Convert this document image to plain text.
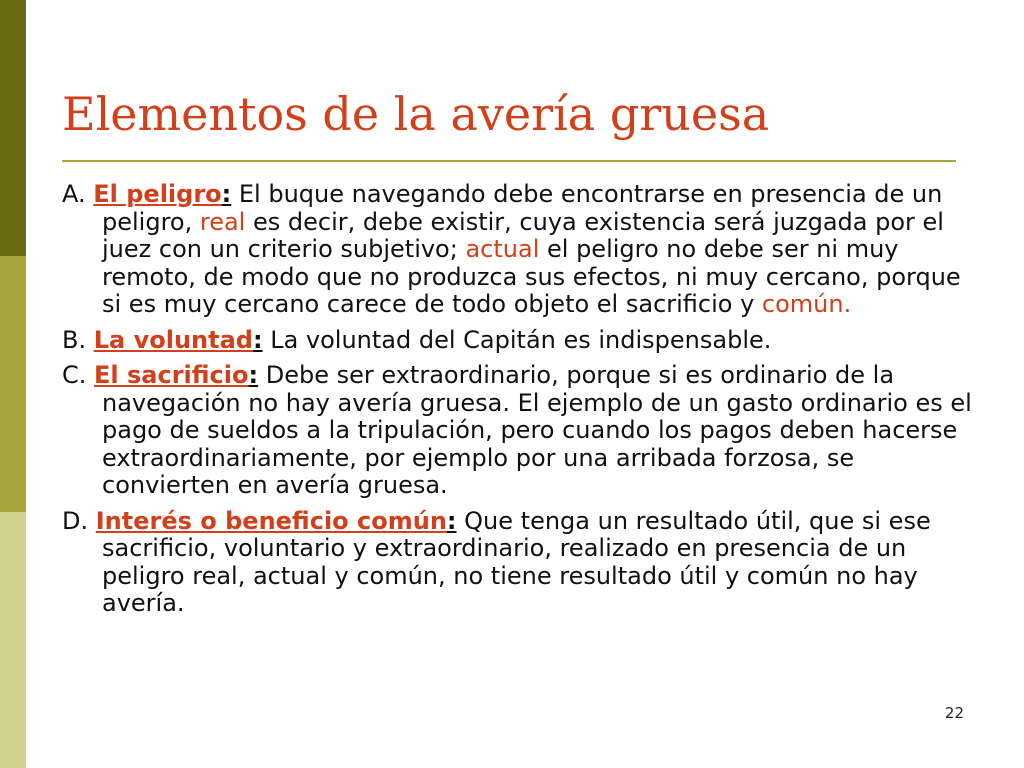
Elementos de la avería gruesa

A. El peligro: El buque navegando debe encontrarse en presencia de un peligro, real es decir, debe existir, cuya existencia será juzgada por el juez con un criterio subjetivo; actual el peligro no debe ser ni muy remoto, de modo que no produzca sus efectos, ni muy cercano, porque si es muy cercano carece de todo objeto el sacrificio y común.

B. La voluntad: La voluntad del Capitán es indispensable.

C. El sacrificio: Debe ser extraordinario, porque si es ordinario de la navegación no hay avería gruesa. El ejemplo de un gasto ordinario es el pago de sueldos a la tripulación, pero cuando los pagos deben hacerse extraordinariamente, por ejemplo por una arribada forzosa, se convierten en avería gruesa.

D. Interés o beneficio común: Que tenga un resultado útil, que si ese sacrificio, voluntario y extraordinario, realizado en presencia de un peligro real, actual y común, no tiene resultado útil y común no hay avería.

22
